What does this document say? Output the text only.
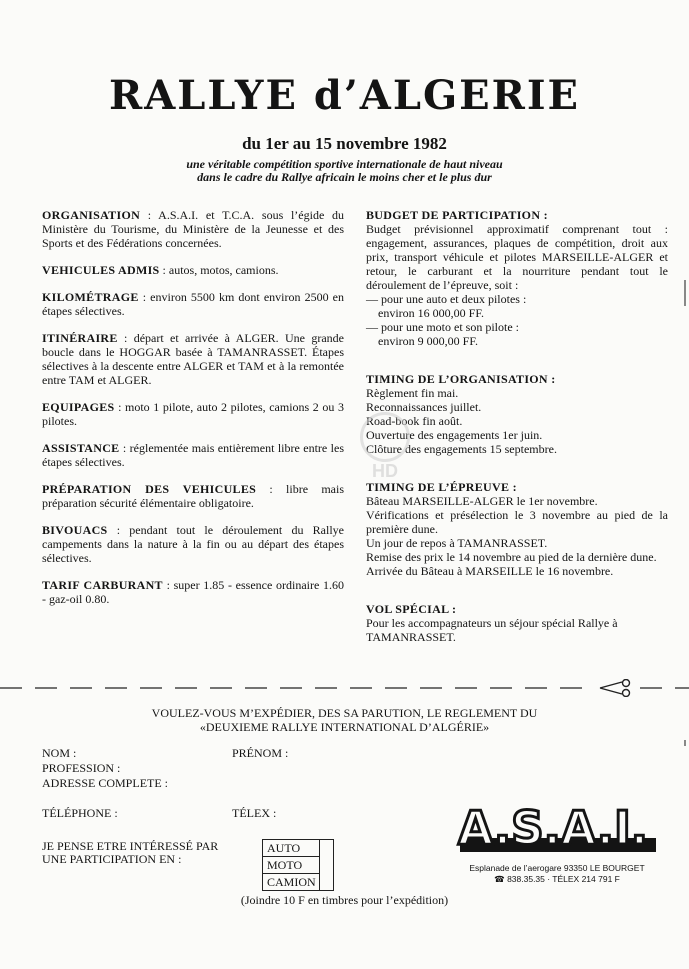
RALLYE d’ALGERIE
du 1er au 15 novembre 1982
une véritable compétition sportive internationale de haut niveau
dans le cadre du Rallye africain le moins cher et le plus dur
ORGANISATION : A.S.A.I. et T.C.A. sous l’égide du Ministère du Tourisme, du Ministère de la Jeunesse et des Sports et des Fédérations concernées.
VEHICULES ADMIS : autos, motos, camions.
KILOMÉTRAGE : environ 5500 km dont environ 2500 en étapes sélectives.
ITINÉRAIRE : départ et arrivée à ALGER. Une grande boucle dans le HOGGAR basée à TAMANRASSET. Étapes sélectives à la descente entre ALGER et TAM et à la remontée entre TAM et ALGER.
EQUIPAGES : moto 1 pilote, auto 2 pilotes, camions 2 ou 3 pilotes.
ASSISTANCE : réglementée mais entièrement libre entre les étapes sélectives.
PRÉPARATION DES VEHICULES : libre mais préparation sécurité élémentaire obligatoire.
BIVOUACS : pendant tout le déroulement du Rallye campements dans la nature à la fin ou au départ des étapes sélectives.
TARIF CARBURANT : super 1.85 - essence ordinaire 1.60 - gaz-oil 0.80.
BUDGET DE PARTICIPATION :
Budget prévisionnel approximatif comprenant tout : engagement, assurances, plaques de compétition, droit aux prix, transport véhicule et pilotes MARSEILLE-ALGER et retour, le carburant et la nourriture pendant tout le déroulement de l’épreuve, soit :
— pour une auto et deux pilotes :
environ 16 000,00 FF.
— pour une moto et son pilote :
environ 9 000,00 FF.
TIMING DE L’ORGANISATION :
Règlement fin mai.
Reconnaissances juillet.
Road-book fin août.
Ouverture des engagements 1er juin.
Clôture des engagements 15 septembre.
TIMING DE L’ÉPREUVE :
Bâteau MARSEILLE-ALGER le 1er novembre.
Vérifications et présélection le 3 novembre au pied de la première dune.
Un jour de repos à TAMANRASSET.
Remise des prix le 14 novembre au pied de la dernière dune.
Arrivée du Bâteau à MARSEILLE le 16 novembre.
VOL SPÉCIAL :
Pour les accompagnateurs un séjour spécial Rallye à TAMANRASSET.
HD
VOULEZ-VOUS M’EXPÉDIER, DES SA PARUTION, LE REGLEMENT DU
«DEUXIEME RALLYE INTERNATIONAL D’ALGÉRIE»
NOM :	PRÉNOM :
PROFESSION :
ADRESSE COMPLETE :
TÉLÉPHONE :	TÉLEX :
JE PENSE ETRE INTÉRESSÉ PAR
UNE PARTICIPATION EN :
AUTO
MOTO
CAMION
(Joindre 10 F en timbres pour l’expédition)
A.S.A.I.
Esplanade de l’aerogare 93350 LE BOURGET
☎ 838.35.35 · TÉLEX 214 791 F
